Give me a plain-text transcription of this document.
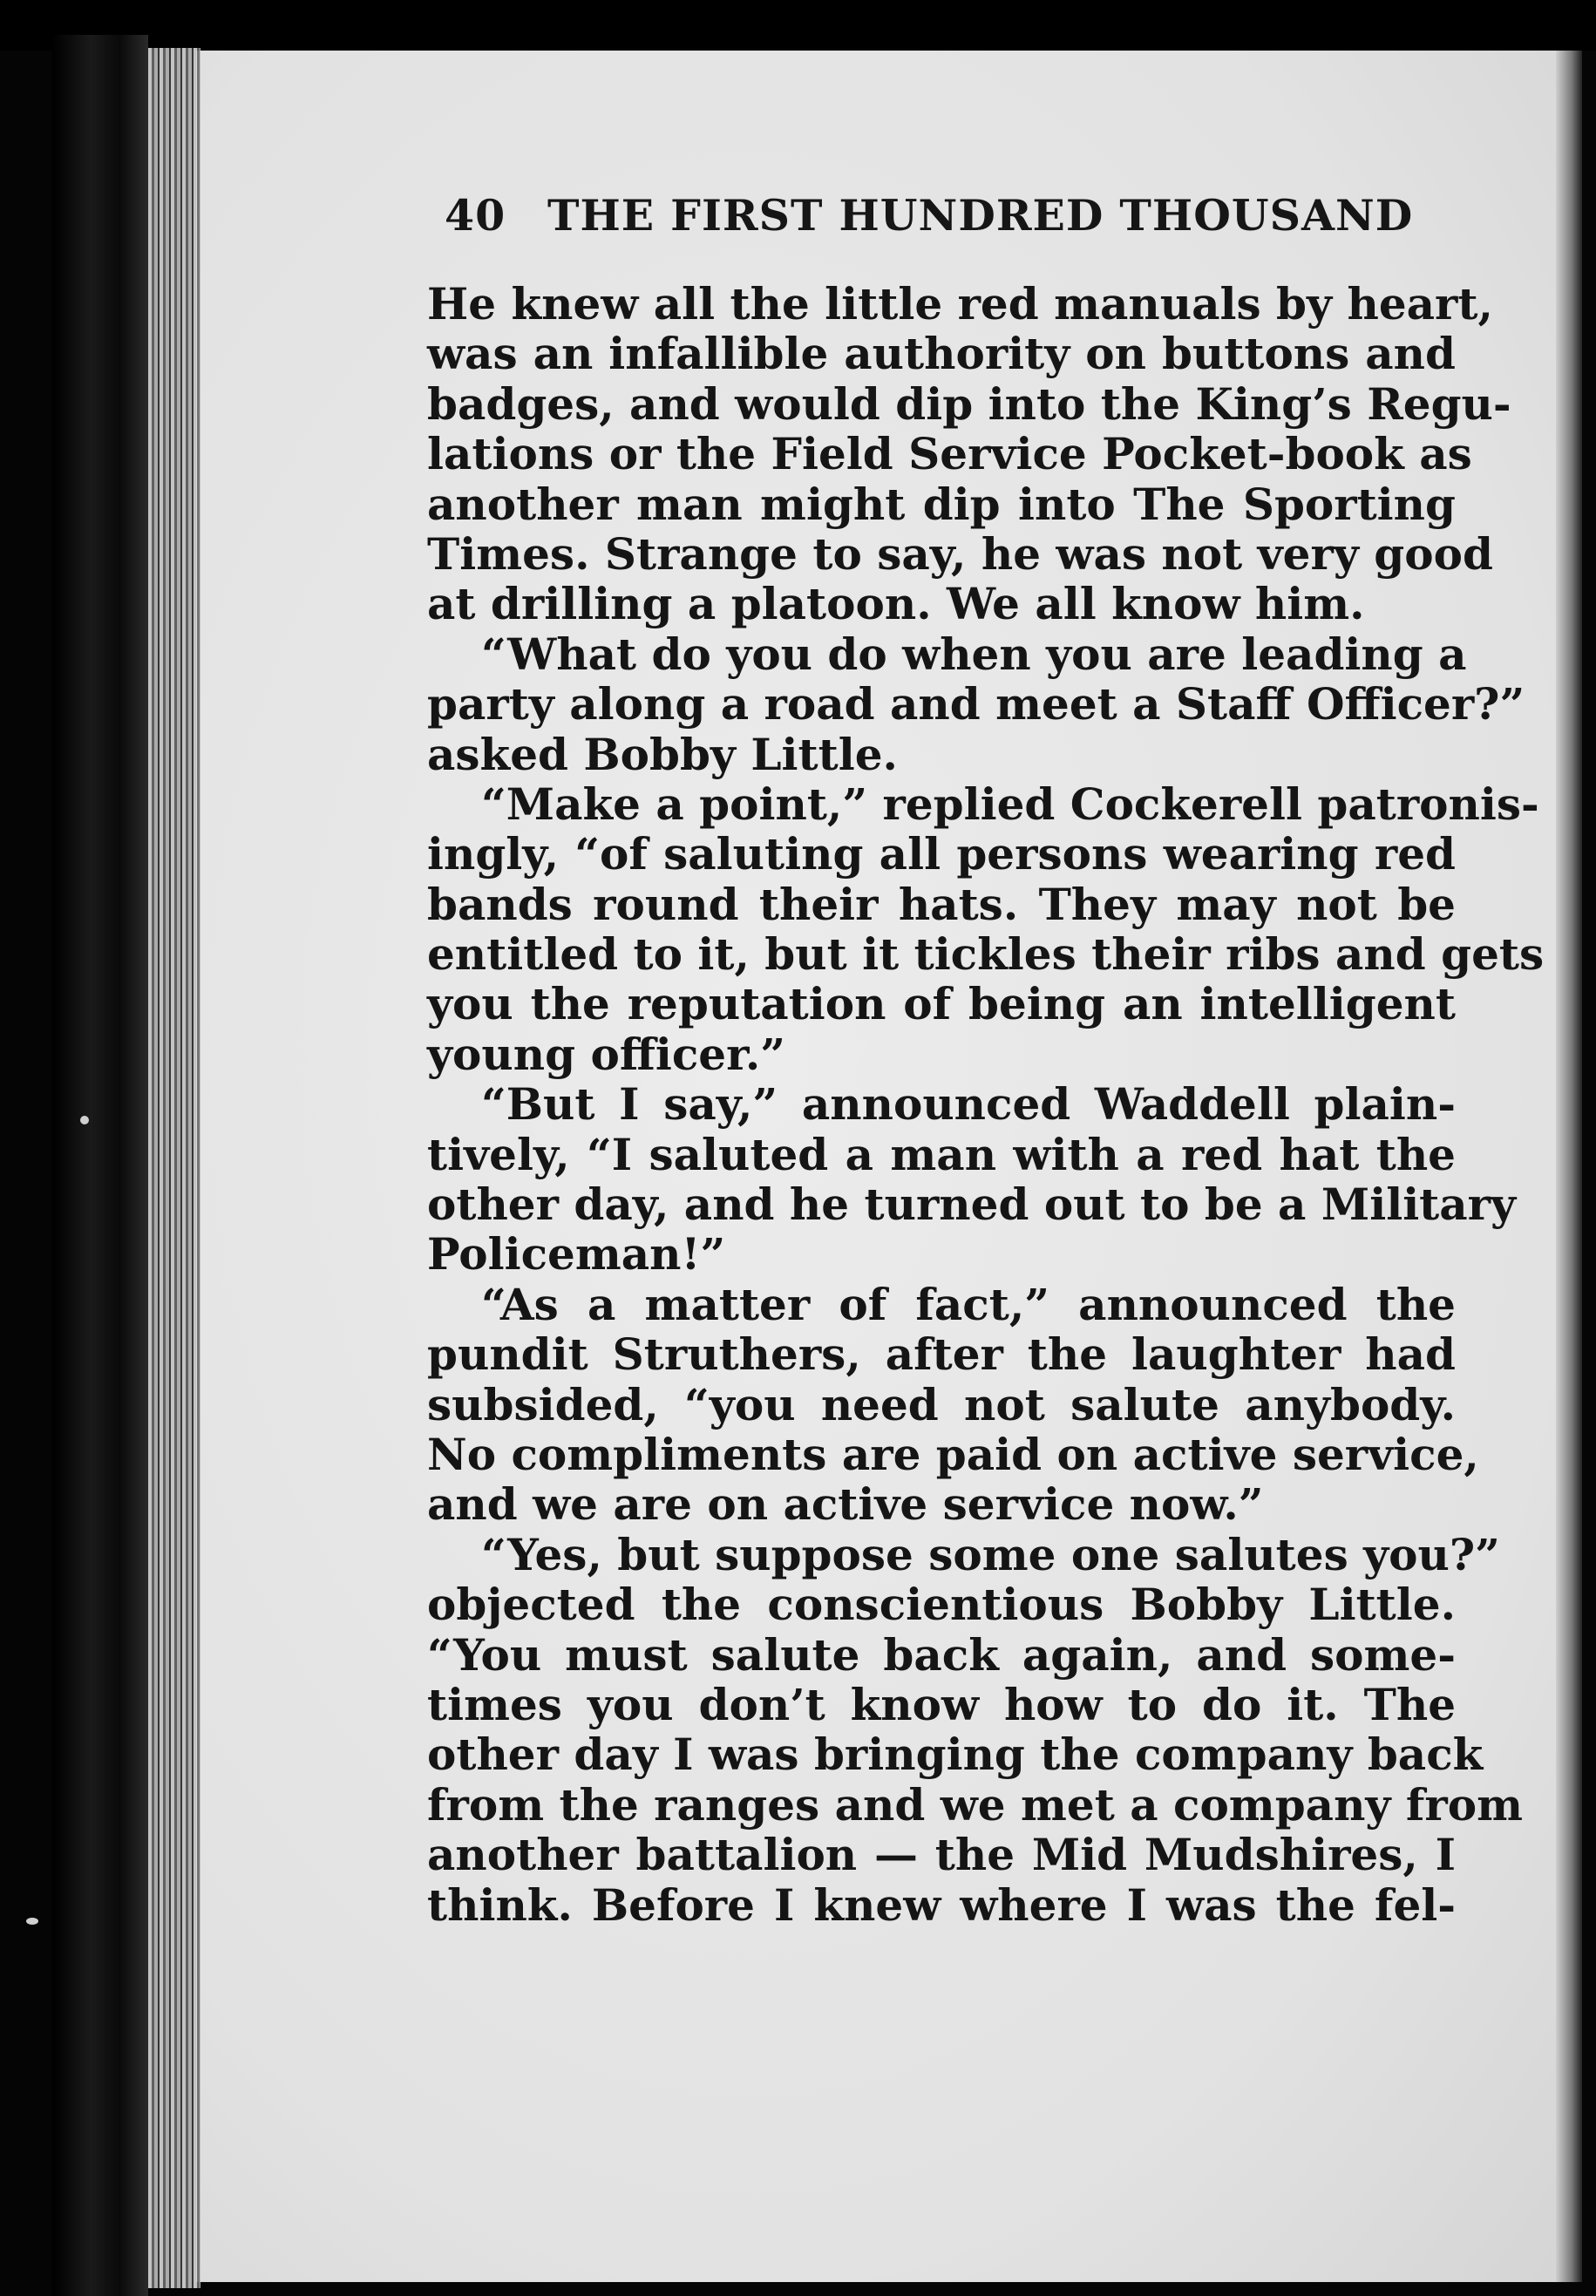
40 THE FIRST HUNDRED THOUSAND
He knew all the little red manuals by heart,
was an infallible authority on buttons and
badges, and would dip into the King’s Regu-
lations or the Field Service Pocket-book as
another man might dip into The Sporting
Times. Strange to say, he was not very good
at drilling a platoon. We all know him.
“What do you do when you are leading a
party along a road and meet a Staff Officer?”
asked Bobby Little.
“Make a point,” replied Cockerell patronis-
ingly, “of saluting all persons wearing red
bands round their hats. They may not be
entitled to it, but it tickles their ribs and gets
you the reputation of being an intelligent
young officer.”
“But I say,” announced Waddell plain-
tively, “I saluted a man with a red hat the
other day, and he turned out to be a Military
Policeman!”
“As a matter of fact,” announced the
pundit Struthers, after the laughter had
subsided, “you need not salute anybody.
No compliments are paid on active service,
and we are on active service now.”
“Yes, but suppose some one salutes you?”
objected the conscientious Bobby Little.
“You must salute back again, and some-
times you don’t know how to do it. The
other day I was bringing the company back
from the ranges and we met a company from
another battalion — the Mid Mudshires, I
think. Before I knew where I was the fel-
